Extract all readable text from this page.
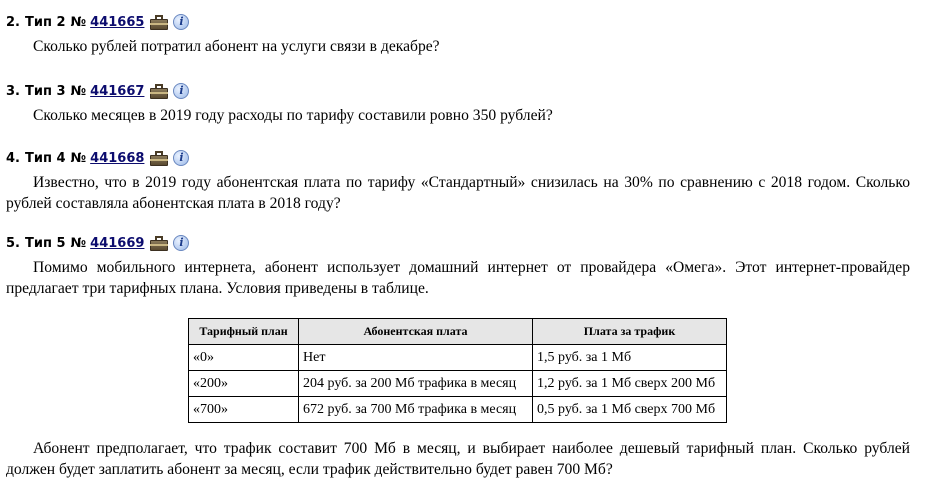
2. Тип 2 № 441665	i

Сколько рублей потратил абонент на услуги связи в декабре?

3. Тип 3 № 441667	i

Сколько месяцев в 2019 году расходы по тарифу составили ровно 350 рублей?

4. Тип 4 № 441668	i

Известно, что в 2019 году абонентская плата по тарифу «Стандартный» снизилась на 30% по сравнению с 2018 годом. Сколько рублей составляла абонентская плата в 2018 году?

5. Тип 5 № 441669	i

Помимо мобильного интернета, абонент использует домашний интернет от провайдера «Омега». Этот интернет-провайдер предлагает три тарифных плана. Условия приведены в таблице.

Тарифный план	Абонентская плата	Плата за трафик
«0»	Нет	1,5 руб. за 1 Мб
«200»	204 руб. за 200 Мб трафика в месяц	1,2 руб. за 1 Мб сверх 200 Мб
«700»	672 руб. за 700 Мб трафика в месяц	0,5 руб. за 1 Мб сверх 700 Мб

Абонент предполагает, что трафик составит 700 Мб в месяц, и выбирает наиболее дешевый тарифный план. Сколько рублей должен будет заплатить абонент за месяц, если трафик действительно будет равен 700 Мб?
